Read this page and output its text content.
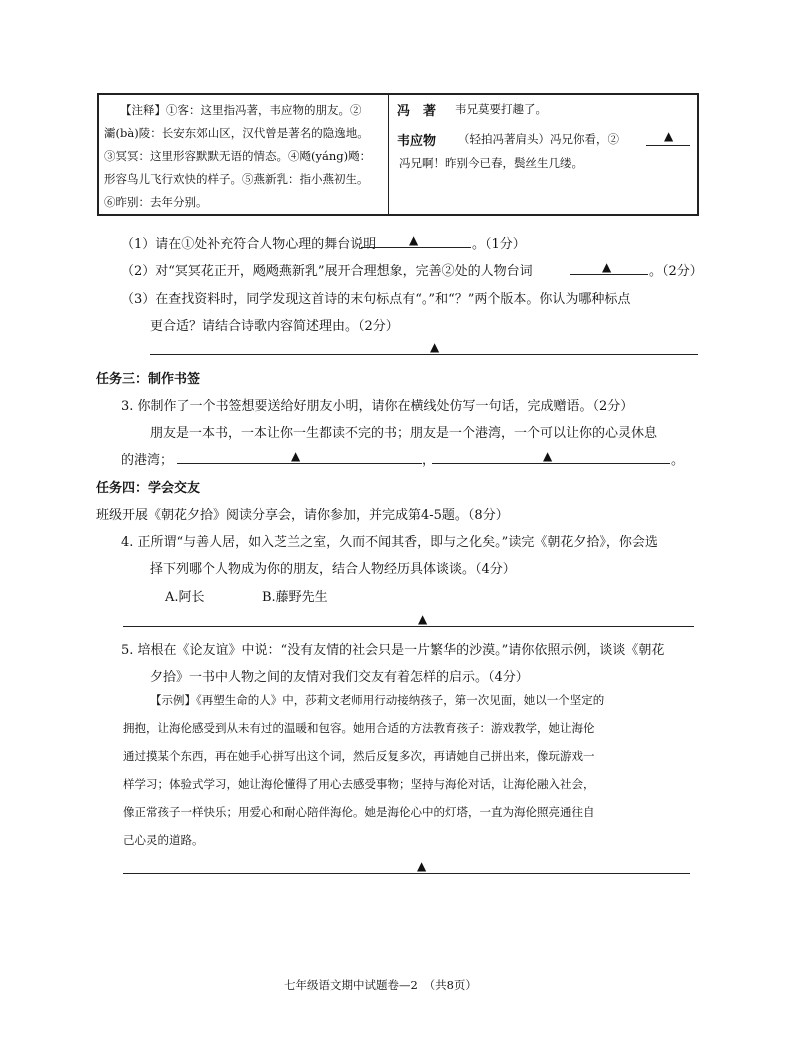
【注释】①客：这里指冯著，韦应物的朋友。②
灞(bà)陵：长安东郊山区，汉代曾是著名的隐逸地。
③冥冥：这里形容默默无语的情态。④飏(yáng)飏：
形容鸟儿飞行欢快的样子。⑤燕新乳：指小燕初生。
⑥昨别：去年分别。
冯　著 韦兄莫要打趣了。
韦应物 （轻拍冯著肩头）冯兄你看，②	▲
冯兄啊！昨别今已春，鬓丝生几缕。
（1）请在①处补充符合人物心理的舞台说明	▲	。（1分）
（2）对“冥冥花正开，飏飏燕新乳”展开合理想象，完善②处的人物台词	▲	。（2分）
（3）在查找资料时，同学发现这首诗的末句标点有“。”和“？”两个版本。你认为哪种标点
更合适？请结合诗歌内容简述理由。（2分）
▲
任务三：制作书签
3. 你制作了一个书签想要送给好朋友小明，请你在横线处仿写一句话，完成赠语。（2分）
朋友是一本书，一本让你一生都读不完的书；朋友是一个港湾，一个可以让你的心灵休息
的港湾；	▲	，	▲	。
任务四：学会交友
班级开展《朝花夕拾》阅读分享会，请你参加，并完成第4-5题。（8分）
4. 正所谓“与善人居，如入芝兰之室，久而不闻其香，即与之化矣。”读完《朝花夕拾》，你会选
择下列哪个人物成为你的朋友，结合人物经历具体谈谈。（4分）
A.阿长	B.藤野先生
▲
5. 培根在《论友谊》中说：“没有友情的社会只是一片繁华的沙漠。”请你依照示例，谈谈《朝花
夕拾》一书中人物之间的友情对我们交友有着怎样的启示。（4分）
【示例】《再塑生命的人》中，莎莉文老师用行动接纳孩子，第一次见面，她以一个坚定的
拥抱，让海伦感受到从未有过的温暖和包容。她用合适的方法教育孩子：游戏教学，她让海伦
通过摸某个东西，再在她手心拼写出这个词，然后反复多次，再请她自己拼出来，像玩游戏一
样学习；体验式学习，她让海伦懂得了用心去感受事物；坚持与海伦对话，让海伦融入社会，
像正常孩子一样快乐；用爱心和耐心陪伴海伦。她是海伦心中的灯塔，一直为海伦照亮通往自
己心灵的道路。
▲
七年级语文期中试题卷—2　（共8页）
